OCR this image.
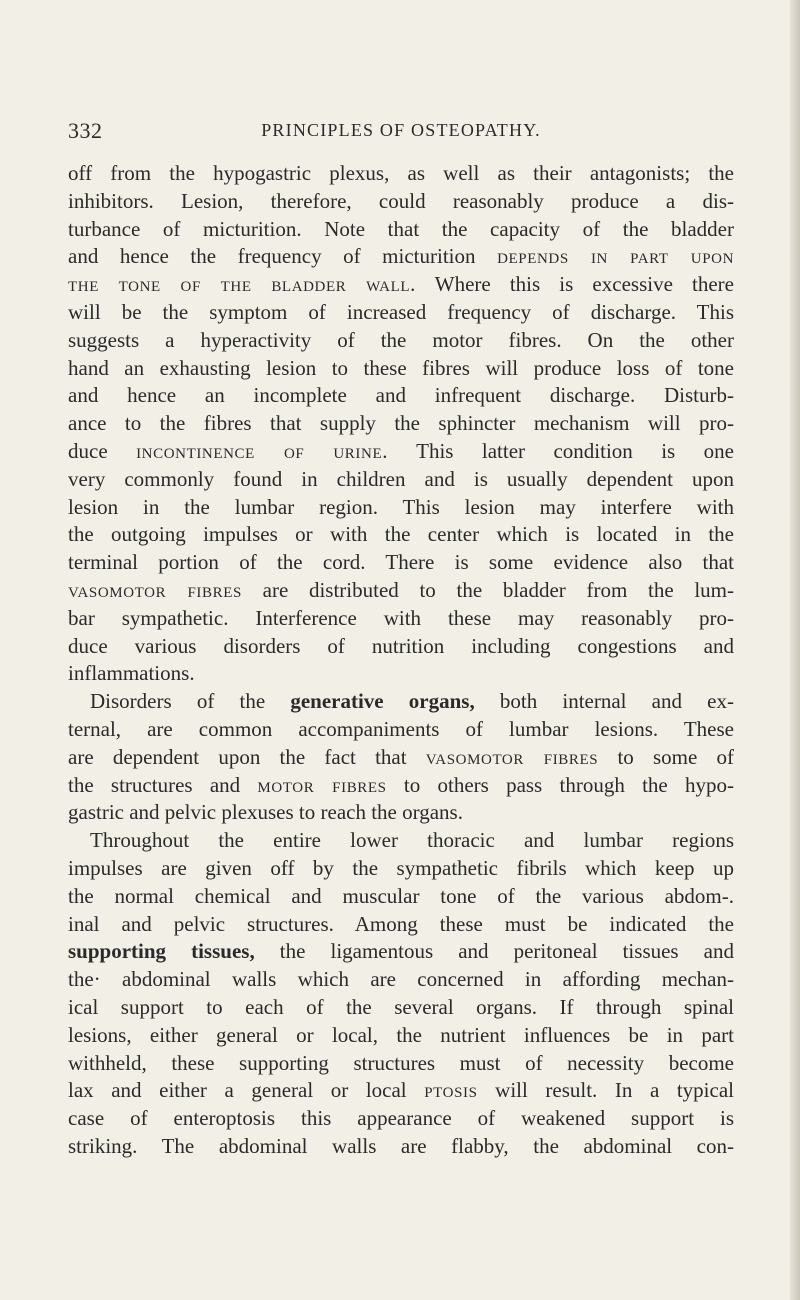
332	PRINCIPLES OF OSTEOPATHY.
off from the hypogastric plexus, as well as their antagonists; the
inhibitors. Lesion, therefore, could reasonably produce a dis-
turbance of micturition. Note that the capacity of the bladder
and hence the frequency of micturition depends in part upon
the tone of the bladder wall. Where this is excessive there
will be the symptom of increased frequency of discharge. This
suggests a hyperactivity of the motor fibres. On the other
hand an exhausting lesion to these fibres will produce loss of tone
and hence an incomplete and infrequent discharge. Disturb-
ance to the fibres that supply the sphincter mechanism will pro-
duce incontinence of urine. This latter condition is one
very commonly found in children and is usually dependent upon
lesion in the lumbar region. This lesion may interfere with
the outgoing impulses or with the center which is located in the
terminal portion of the cord. There is some evidence also that
vasomotor fibres are distributed to the bladder from the lum-
bar sympathetic. Interference with these may reasonably pro-
duce various disorders of nutrition including congestions and
inflammations.
Disorders of the generative organs, both internal and ex-
ternal, are common accompaniments of lumbar lesions. These
are dependent upon the fact that vasomotor fibres to some of
the structures and motor fibres to others pass through the hypo-
gastric and pelvic plexuses to reach the organs.
Throughout the entire lower thoracic and lumbar regions
impulses are given off by the sympathetic fibrils which keep up
the normal chemical and muscular tone of the various abdom-.
inal and pelvic structures. Among these must be indicated the
supporting tissues, the ligamentous and peritoneal tissues and
the· abdominal walls which are concerned in affording mechan-
ical support to each of the several organs. If through spinal
lesions, either general or local, the nutrient influences be in part
withheld, these supporting structures must of necessity become
lax and either a general or local ptosis will result. In a typical
case of enteroptosis this appearance of weakened support is
striking. The abdominal walls are flabby, the abdominal con-
